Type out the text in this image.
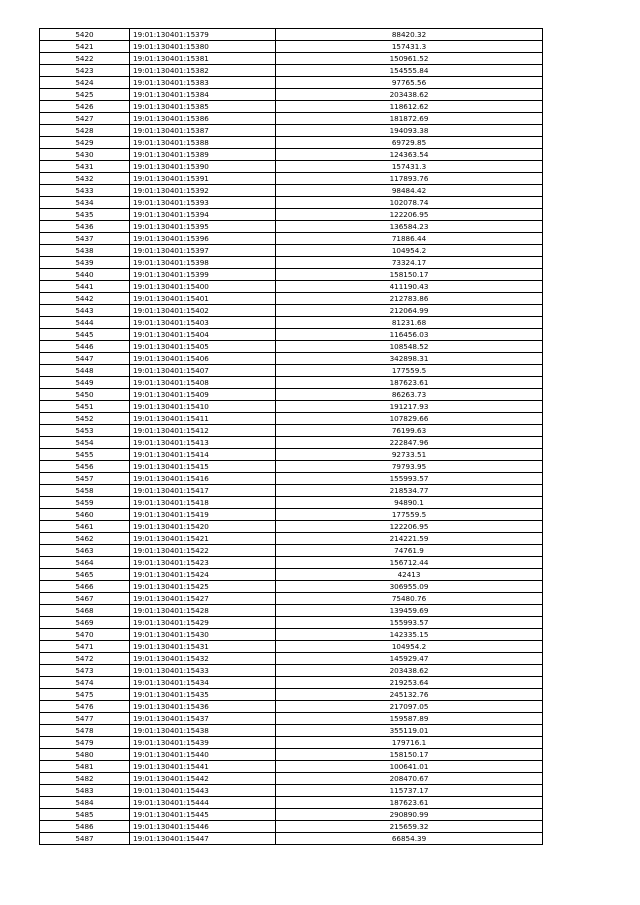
5420	19:01:130401:15379	88420.32
5421	19:01:130401:15380	157431.3
5422	19:01:130401:15381	150961.52
5423	19:01:130401:15382	154555.84
5424	19:01:130401:15383	97765.56
5425	19:01:130401:15384	203438.62
5426	19:01:130401:15385	118612.62
5427	19:01:130401:15386	181872.69
5428	19:01:130401:15387	194093.38
5429	19:01:130401:15388	69729.85
5430	19:01:130401:15389	124363.54
5431	19:01:130401:15390	157431.3
5432	19:01:130401:15391	117893.76
5433	19:01:130401:15392	98484.42
5434	19:01:130401:15393	102078.74
5435	19:01:130401:15394	122206.95
5436	19:01:130401:15395	136584.23
5437	19:01:130401:15396	71886.44
5438	19:01:130401:15397	104954.2
5439	19:01:130401:15398	73324.17
5440	19:01:130401:15399	158150.17
5441	19:01:130401:15400	411190.43
5442	19:01:130401:15401	212783.86
5443	19:01:130401:15402	212064.99
5444	19:01:130401:15403	81231.68
5445	19:01:130401:15404	116456.03
5446	19:01:130401:15405	108548.52
5447	19:01:130401:15406	342898.31
5448	19:01:130401:15407	177559.5
5449	19:01:130401:15408	187623.61
5450	19:01:130401:15409	86263.73
5451	19:01:130401:15410	191217.93
5452	19:01:130401:15411	107829.66
5453	19:01:130401:15412	76199.63
5454	19:01:130401:15413	222847.96
5455	19:01:130401:15414	92733.51
5456	19:01:130401:15415	79793.95
5457	19:01:130401:15416	155993.57
5458	19:01:130401:15417	218534.77
5459	19:01:130401:15418	94890.1
5460	19:01:130401:15419	177559.5
5461	19:01:130401:15420	122206.95
5462	19:01:130401:15421	214221.59
5463	19:01:130401:15422	74761.9
5464	19:01:130401:15423	156712.44
5465	19:01:130401:15424	42413
5466	19:01:130401:15425	306955.09
5467	19:01:130401:15427	75480.76
5468	19:01:130401:15428	139459.69
5469	19:01:130401:15429	155993.57
5470	19:01:130401:15430	142335.15
5471	19:01:130401:15431	104954.2
5472	19:01:130401:15432	145929.47
5473	19:01:130401:15433	203438.62
5474	19:01:130401:15434	219253.64
5475	19:01:130401:15435	245132.76
5476	19:01:130401:15436	217097.05
5477	19:01:130401:15437	159587.89
5478	19:01:130401:15438	355119.01
5479	19:01:130401:15439	179716.1
5480	19:01:130401:15440	158150.17
5481	19:01:130401:15441	100641.01
5482	19:01:130401:15442	208470.67
5483	19:01:130401:15443	115737.17
5484	19:01:130401:15444	187623.61
5485	19:01:130401:15445	290890.99
5486	19:01:130401:15446	215659.32
5487	19:01:130401:15447	66854.39
